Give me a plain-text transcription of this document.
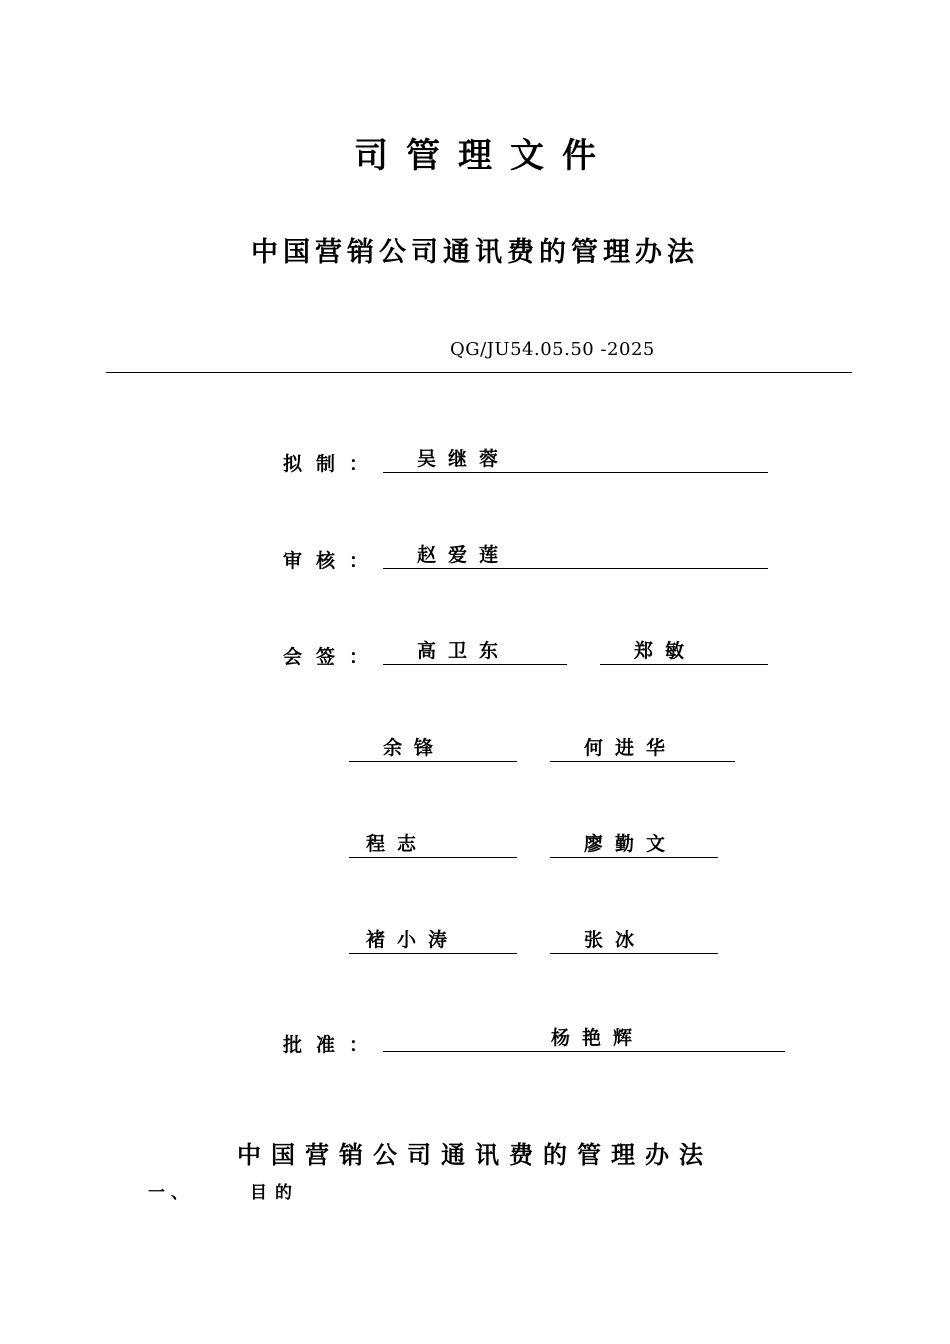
司管理文件
中国营销公司通讯费的管理办法
QG/JU54.05.50 -2025
拟制： 吴继蓉
审核： 赵爱莲
会签： 高卫东	郑敏
余锋	何进华
程志	廖勤文
褚小涛	张冰
批准：	杨艳辉
中国营销公司通讯费的管理办法
一、	目的
